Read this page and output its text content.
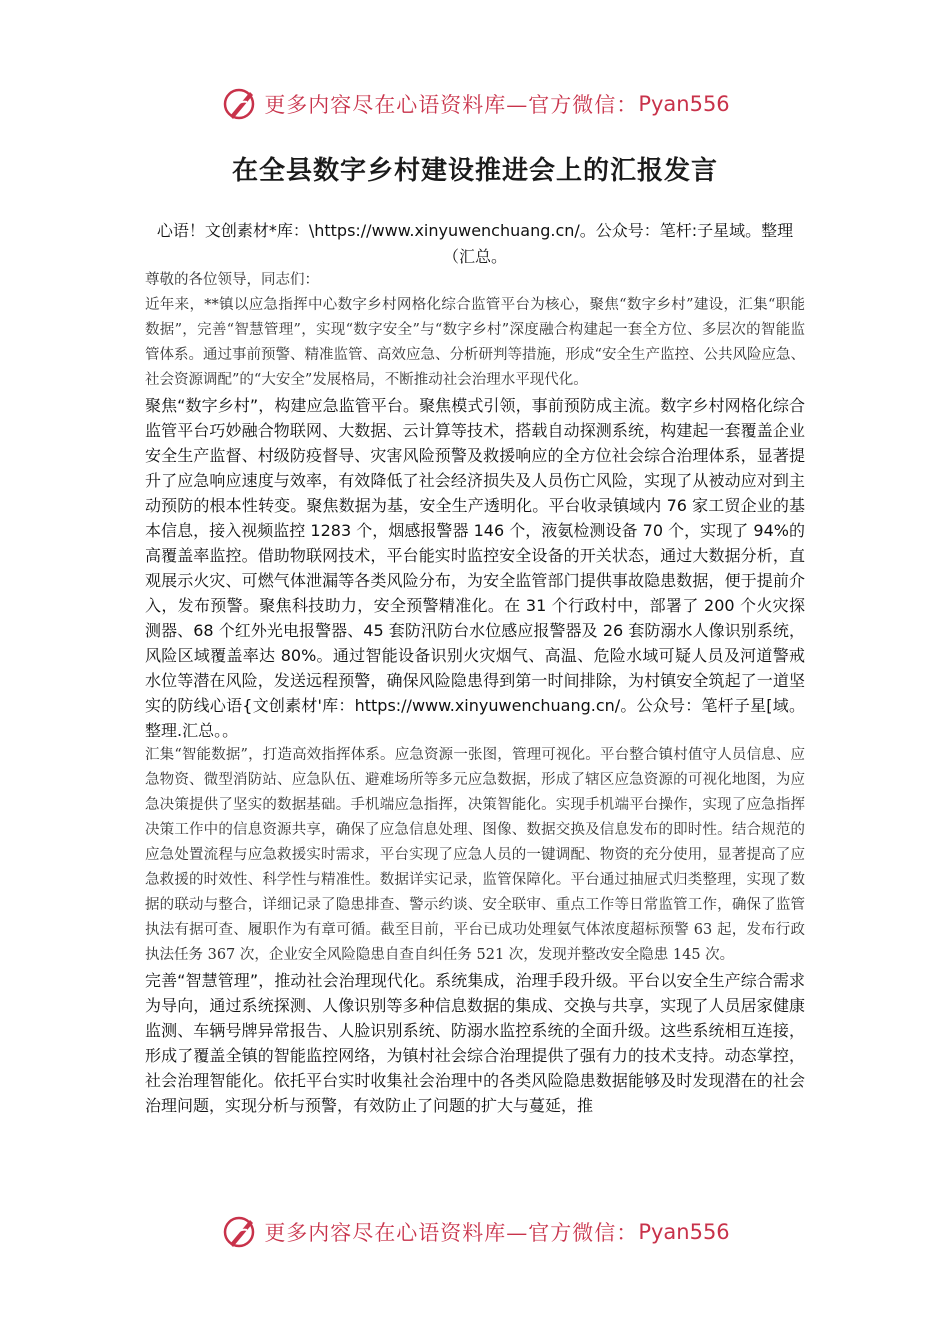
更多内容尽在心语资料库—官方微信： Pyan556
在全县数字乡村建设推进会上的汇报发言
心语！文创素材*库：\https://www.xinyuwenchuang.cn/。公众号：笔杆:子星域。整理（汇总。

尊敬的各位领导，同志们：

近年来，**镇以应急指挥中心数字乡村网格化综合监管平台为核心，聚焦“数字乡村”建设，汇集“职能数据”，完善“智慧管理”，实现“数字安全”与“数字乡村”深度融合构建起一套全方位、多层次的智能监管体系。通过事前预警、精准监管、高效应急、分析研判等措施，形成“安全生产监控、公共风险应急、社会资源调配”的“大安全”发展格局，不断推动社会治理水平现代化。

聚焦“数字乡村”，构建应急监管平台。聚焦模式引领，事前预防成主流。数字乡村网格化综合监管平台巧妙融合物联网、大数据、云计算等技术，搭载自动探测系统，构建起一套覆盖企业安全生产监督、村级防疫督导、灾害风险预警及救援响应的全方位社会综合治理体系，显著提升了应急响应速度与效率，有效降低了社会经济损失及人员伤亡风险，实现了从被动应对到主动预防的根本性转变。聚焦数据为基，安全生产透明化。平台收录镇域内 76 家工贸企业的基本信息，接入视频监控 1283 个，烟感报警器 146 个，液氨检测设备 70 个，实现了 94%的高覆盖率监控。借助物联网技术，平台能实时监控安全设备的开关状态，通过大数据分析，直观展示火灾、可燃气体泄漏等各类风险分布，为安全监管部门提供事故隐患数据，便于提前介入，发布预警。聚焦科技助力，安全预警精准化。在 31 个行政村中，部署了 200 个火灾探测器、68 个红外光电报警器、45 套防汛防台水位感应报警器及 26 套防溺水人像识别系统，风险区域覆盖率达 80%。通过智能设备识别火灾烟气、高温、危险水域可疑人员及河道警戒水位等潜在风险，发送远程预警，确保风险隐患得到第一时间排除，为村镇安全筑起了一道坚实的防线心语{文创素材'库：https://www.xinyuwenchuang.cn/。公众号：笔杆子星[域。整理.汇总。。

汇集“智能数据”，打造高效指挥体系。应急资源一张图，管理可视化。平台整合镇村值守人员信息、应急物资、微型消防站、应急队伍、避难场所等多元应急数据，形成了辖区应急资源的可视化地图，为应急决策提供了坚实的数据基础。手机端应急指挥，决策智能化。实现手机端平台操作，实现了应急指挥决策工作中的信息资源共享，确保了应急信息处理、图像、数据交换及信息发布的即时性。结合规范的应急处置流程与应急救援实时需求，平台实现了应急人员的一键调配、物资的充分使用，显著提高了应急救援的时效性、科学性与精准性。数据详实记录，监管保障化。平台通过抽屉式归类整理，实现了数据的联动与整合，详细记录了隐患排查、警示约谈、安全联审、重点工作等日常监管工作，确保了监管执法有据可查、履职作为有章可循。截至目前，平台已成功处理氨气体浓度超标预警 63 起，发布行政执法任务 367 次，企业安全风险隐患自查自纠任务 521 次，发现并整改安全隐患 145 次。

完善“智慧管理”，推动社会治理现代化。系统集成，治理手段升级。平台以安全生产综合需求为导向，通过系统探测、人像识别等多种信息数据的集成、交换与共享，实现了人员居家健康监测、车辆号牌异常报告、人脸识别系统、防溺水监控系统的全面升级。这些系统相互连接，形成了覆盖全镇的智能监控网络，为镇村社会综合治理提供了强有力的技术支持。动态掌控，社会治理智能化。依托平台实时收集社会治理中的各类风险隐患数据能够及时发现潜在的社会治理问题，实现分析与预警，有效防止了问题的扩大与蔓延，推

更多内容尽在心语资料库—官方微信： Pyan556
